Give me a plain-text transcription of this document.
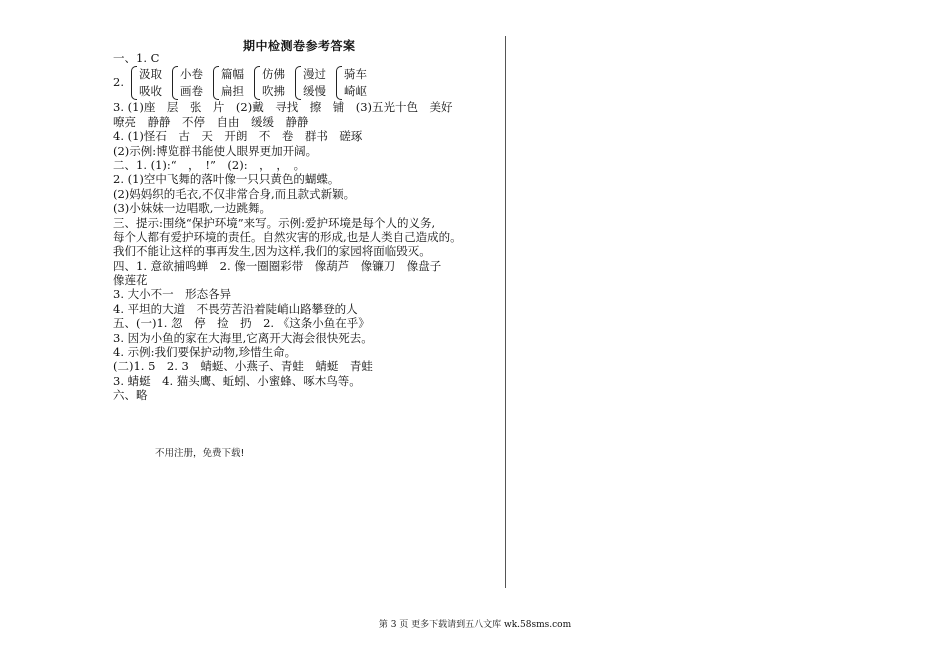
期中检测卷参考答案
一、1. C
2.
汲取
吸收
小卷
画卷
篇幅
扁担
仿佛
吹拂
漫过
缓慢
骑车
崎岖
3. (1)座　层　张　片　(2)戴　寻找　擦　铺　(3)五光十色　美好
嘹亮　静静　不停　自由　缓缓　静静
4. (1)怪石　古　天　开朗　不　卷　群书　磋琢
(2)示例:博览群书能使人眼界更加开阔。
二、1. (1):“　，　!”　(2):　，　，　。
2. (1)空中飞舞的落叶像一只只黄色的蝴蝶。
(2)妈妈织的毛衣,不仅非常合身,而且款式新颖。
(3)小妹妹一边唱歌,一边跳舞。
三、提示:围绕“保护环境”来写。示例:爱护环境是每个人的义务,
每个人都有爱护环境的责任。自然灾害的形成,也是人类自己造成的。
我们不能让这样的事再发生,因为这样,我们的家园将面临毁灭。
四、1. 意欲捕鸣蝉　2. 像一圈圈彩带　像葫芦　像镰刀　像盘子
像莲花
3. 大小不一　形态各异
4. 平坦的大道　不畏劳苦沿着陡峭山路攀登的人
五、(一)1. 忽　停　捡　扔　2. 《这条小鱼在乎》
3. 因为小鱼的家在大海里,它离开大海会很快死去。
4. 示例:我们要保护动物,珍惜生命。
(二)1. 5　2. 3　蜻蜓、小燕子、青蛙　蜻蜓　青蛙
3. 蜻蜓　4. 猫头鹰、蚯蚓、小蜜蜂、啄木鸟等。
六、略
不用注册，免费下载!
第 3 页 更多下载请到五八文库 wk.58sms.com
